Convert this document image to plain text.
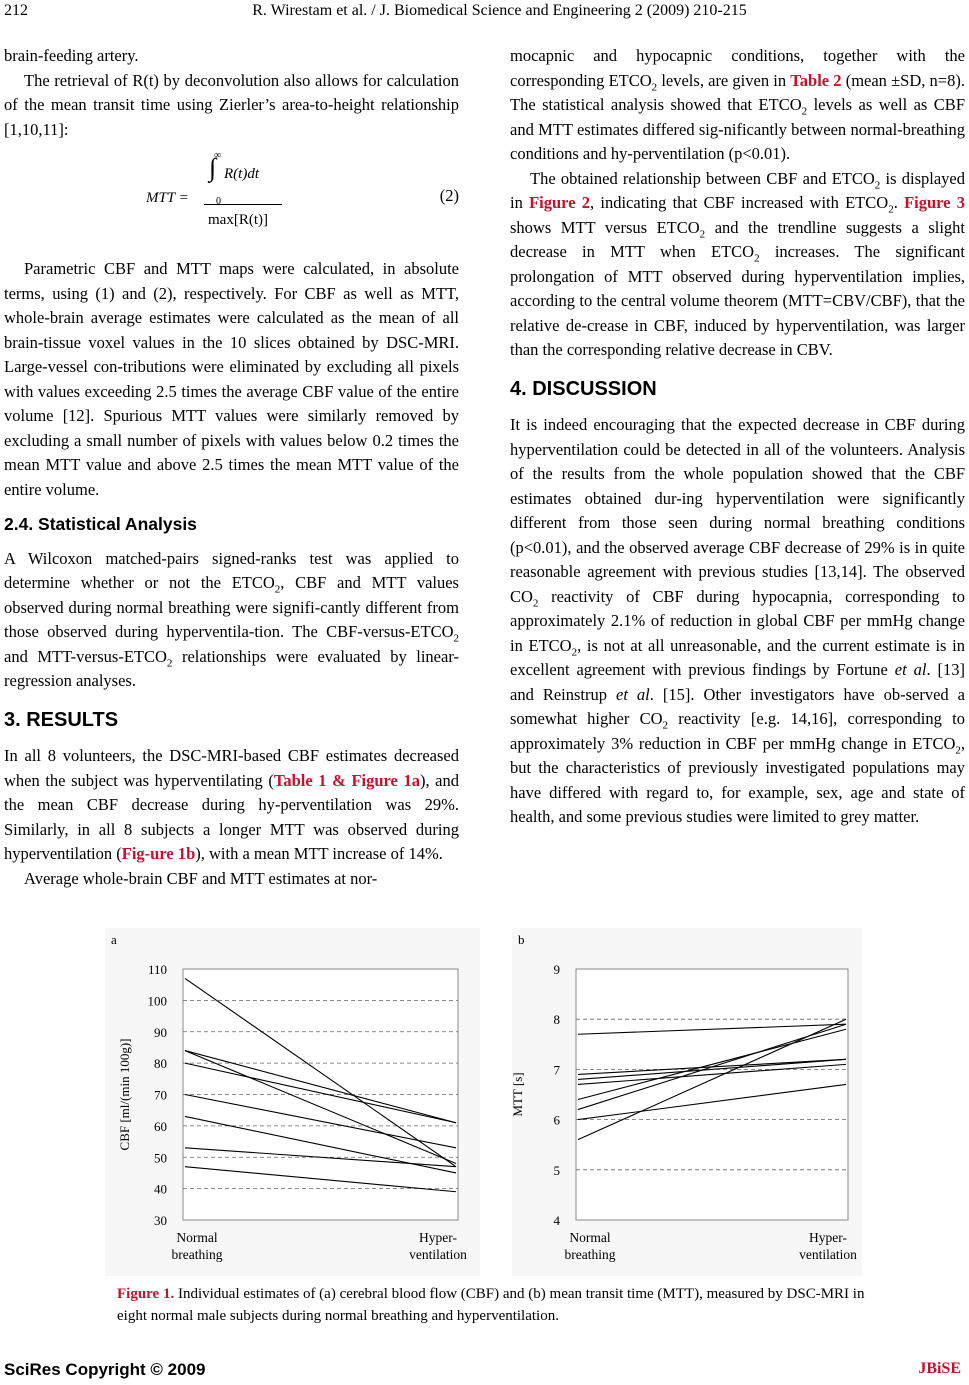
212	R. Wirestam et al. / J. Biomedical Science and Engineering 2 (2009) 210-215

brain-feeding artery.

The retrieval of R(t) by deconvolution also allows for calculation of the mean transit time using Zierler’s area-to-height relationship [1,10,11]:

MTT =
∞
∫ R(t)dt
0
max[R(t)]
(2)

Parametric CBF and MTT maps were calculated, in absolute terms, using (1) and (2), respectively. For CBF as well as MTT, whole-brain average estimates were calculated as the mean of all brain-tissue voxel values in the 10 slices obtained by DSC-MRI. Large-vessel con-tributions were eliminated by excluding all pixels with values exceeding 2.5 times the average CBF value of the entire volume [12]. Spurious MTT values were similarly removed by excluding a small number of pixels with values below 0.2 times the mean MTT value and above 2.5 times the mean MTT value of the entire volume.

2.4. Statistical Analysis

A Wilcoxon matched-pairs signed-ranks test was applied to determine whether or not the $ETCO_2$, CBF and MTT values observed during normal breathing were signifi-cantly different from those observed during hyperventila-tion. The CBF-$versus-ETCO_2$ and MTT-$versus-ETCO_2$ relationships were evaluated by linear-regression analyses.

3. RESULTS

In all 8 volunteers, the DSC-MRI-based CBF estimates decreased when the subject was hyperventilating (Table 1 & Figure 1a), and the mean CBF decrease during hy-perventilation was 29%. Similarly, in all 8 subjects a longer MTT was observed during hyperventilation (Fig-ure 1b), with a mean MTT increase of 14%.

Average whole-brain CBF and MTT estimates at nor-

mocapnic and hypocapnic conditions, together with the corresponding $ETCO_2$ levels, are given in Table 2 (mean ±SD, n=8). The statistical analysis showed that $ETCO_2$ levels as well as CBF and MTT estimates differed sig-nificantly between normal-breathing conditions and hy-perventilation (p<0.01).

The obtained relationship between CBF and $ETCO_2$ is displayed in Figure 2, indicating that CBF increased with $ETCO_2$. Figure 3 shows MTT versus $ETCO_2$ and the trendline suggests a slight decrease in MTT when $ETCO_2$ increases. The significant prolongation of MTT observed during hyperventilation implies, according to the central volume theorem (MTT=CBV/CBF), that the relative de-crease in CBF, induced by hyperventilation, was larger than the corresponding relative decrease in CBV.

4. DISCUSSION

It is indeed encouraging that the expected decrease in CBF during hyperventilation could be detected in all of the volunteers. Analysis of the results from the whole population showed that the CBF estimates obtained dur-ing hyperventilation were significantly different from those seen during normal breathing conditions (p<0.01), and the observed average CBF decrease of 29% is in quite reasonable agreement with previous studies [13,14]. The observed $CO_2$ reactivity of CBF during hypocapnia, corresponding to approximately 2.1% of reduction in global CBF per mmHg change in $ETCO_2$, is not at all unreasonable, and the current estimate is in excellent agreement with previous findings by Fortune et al. [13] and Reinstrup et al. [15]. Other investigators have ob-served a somewhat higher $CO_2$ reactivity [e.g. 14,16], corresponding to approximately 3% reduction in CBF per mmHg change in $ETCO_2$, but the characteristics of previously investigated populations may have differed with regard to, for example, sex, age and state of health, and some previous studies were limited to grey matter.

a
30
40
50
60
70
80
90
100
110
CBF [ml/(min 100g)]
Normal breathing
Hyper-ventilation
b
4
5
6
7
8
9
MTT [s]
Normal breathing
Hyper-ventilation
Figure 1. Individual estimates of (a) cerebral blood flow (CBF) and (b) mean transit time (MTT), measured by DSC-MRI in eight normal male subjects during normal breathing and hyperventilation.
SciRes Copyright © 2009	JBiSE
